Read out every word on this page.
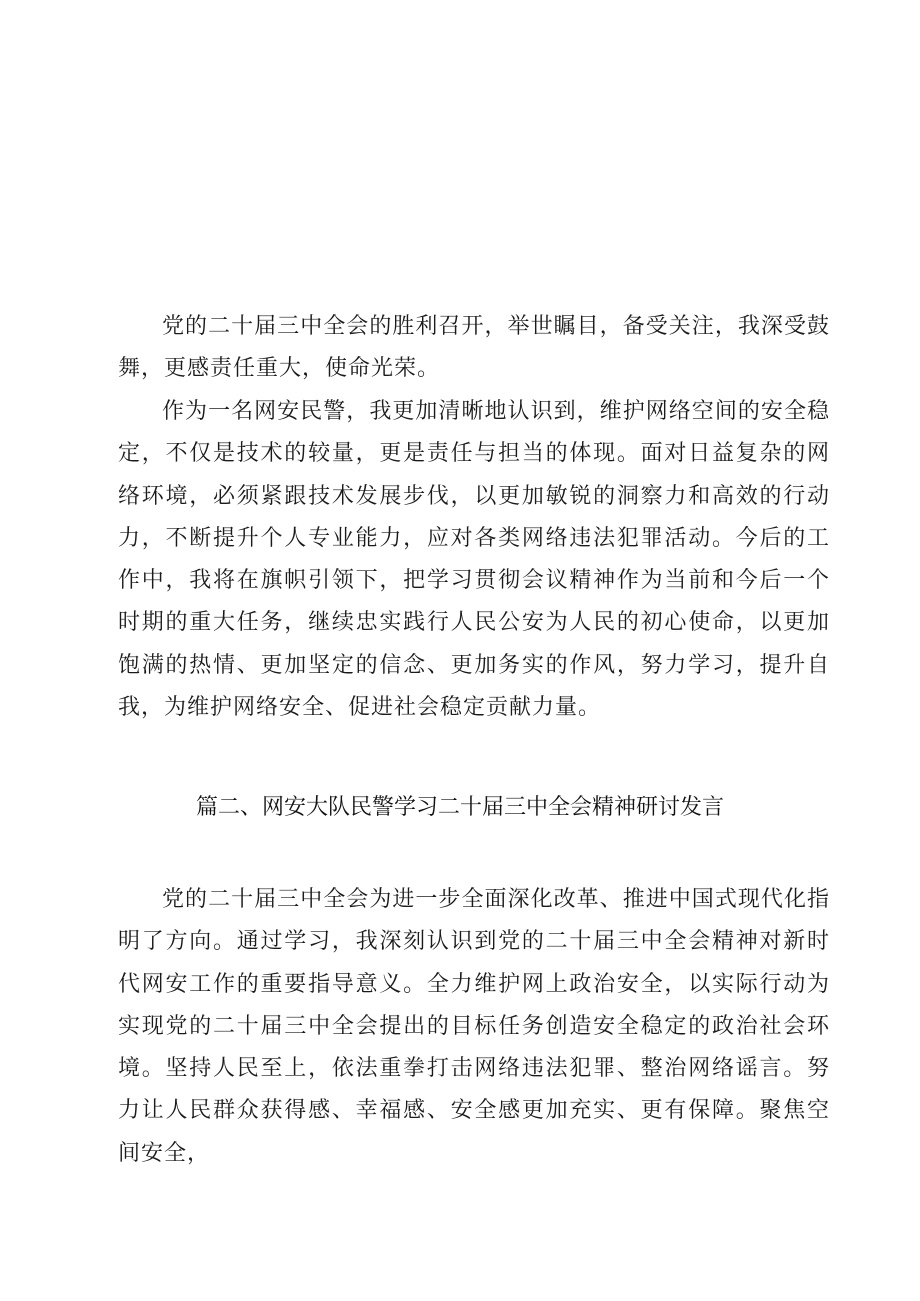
党的二十届三中全会的胜利召开，举世瞩目，备受关注，我深受鼓舞，更感责任重大，使命光荣。

作为一名网安民警，我更加清晰地认识到，维护网络空间的安全稳定，不仅是技术的较量，更是责任与担当的体现。面对日益复杂的网络环境，必须紧跟技术发展步伐，以更加敏锐的洞察力和高效的行动力，不断提升个人专业能力，应对各类网络违法犯罪活动。今后的工作中，我将在旗帜引领下，把学习贯彻会议精神作为当前和今后一个时期的重大任务，继续忠实践行人民公安为人民的初心使命，以更加饱满的热情、更加坚定的信念、更加务实的作风，努力学习，提升自我，为维护网络安全、促进社会稳定贡献力量。

篇二、网安大队民警学习二十届三中全会精神研讨发言

党的二十届三中全会为进一步全面深化改革、推进中国式现代化指明了方向。通过学习，我深刻认识到党的二十届三中全会精神对新时代网安工作的重要指导意义。全力维护网上政治安全，以实际行动为实现党的二十届三中全会提出的目标任务创造安全稳定的政治社会环境。坚持人民至上，依法重拳打击网络违法犯罪、整治网络谣言。努力让人民群众获得感、幸福感、安全感更加充实、更有保障。聚焦空间安全，
